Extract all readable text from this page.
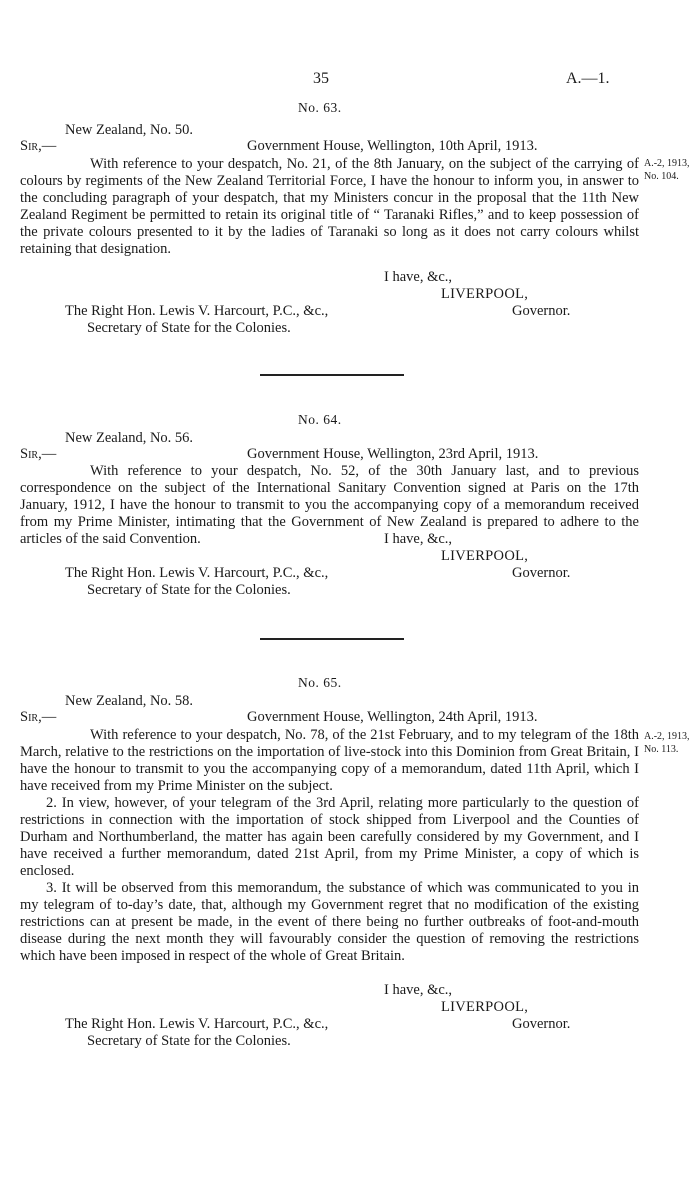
35	A.—1.
No. 63.
New Zealand, No. 50.
Sir,—	Government House, Wellington, 10th April, 1913.
A.-2, 1913,
No. 104.

With reference to your despatch, No. 21, of the 8th January, on the subject of the carrying of colours by regiments of the New Zealand Territorial Force, I have the honour to inform you, in answer to the concluding paragraph of your despatch, that my Ministers concur in the proposal that the 11th New Zealand Regiment be permitted to retain its original title of “ Taranaki Rifles,” and to keep possession of the private colours presented to it by the ladies of Taranaki so long as it does not carry colours whilst retaining that designation.

I have, &c.,
LIVERPOOL,
The Right Hon. Lewis V. Harcourt, P.C., &c.,	Governor.
Secretary of State for the Colonies.
No. 64.
New Zealand, No. 56.
Sir,—	Government House, Wellington, 23rd April, 1913.

With reference to your despatch, No. 52, of the 30th January last, and to previous correspondence on the subject of the International Sanitary Convention signed at Paris on the 17th January, 1912, I have the honour to transmit to you the accompanying copy of a memorandum received from my Prime Minister, intimating that the Government of New Zealand is prepared to adhere to the articles of the said Convention.	I have, &c.,
LIVERPOOL,
The Right Hon. Lewis V. Harcourt, P.C., &c.,	Governor.
Secretary of State for the Colonies.
No. 65.
New Zealand, No. 58.
Sir,—	Government House, Wellington, 24th April, 1913.
A.-2, 1913,
No. 113.

With reference to your despatch, No. 78, of the 21st February, and to my telegram of the 18th March, relative to the restrictions on the importation of live-stock into this Dominion from Great Britain, I have the honour to transmit to you the accompanying copy of a memorandum, dated 11th April, which I have received from my Prime Minister on the subject.

2. In view, however, of your telegram of the 3rd April, relating more particularly to the question of restrictions in connection with the importation of stock shipped from Liverpool and the Counties of Durham and Northumberland, the matter has again been carefully considered by my Government, and I have received a further memorandum, dated 21st April, from my Prime Minister, a copy of which is enclosed.

3. It will be observed from this memorandum, the substance of which was communicated to you in my telegram of to-day’s date, that, although my Government regret that no modification of the existing restrictions can at present be made, in the event of there being no further outbreaks of foot-and-mouth disease during the next month they will favourably consider the question of removing the restrictions which have been imposed in respect of the whole of Great Britain.

I have, &c.,
LIVERPOOL,
The Right Hon. Lewis V. Harcourt, P.C., &c.,	Governor.
Secretary of State for the Colonies.
